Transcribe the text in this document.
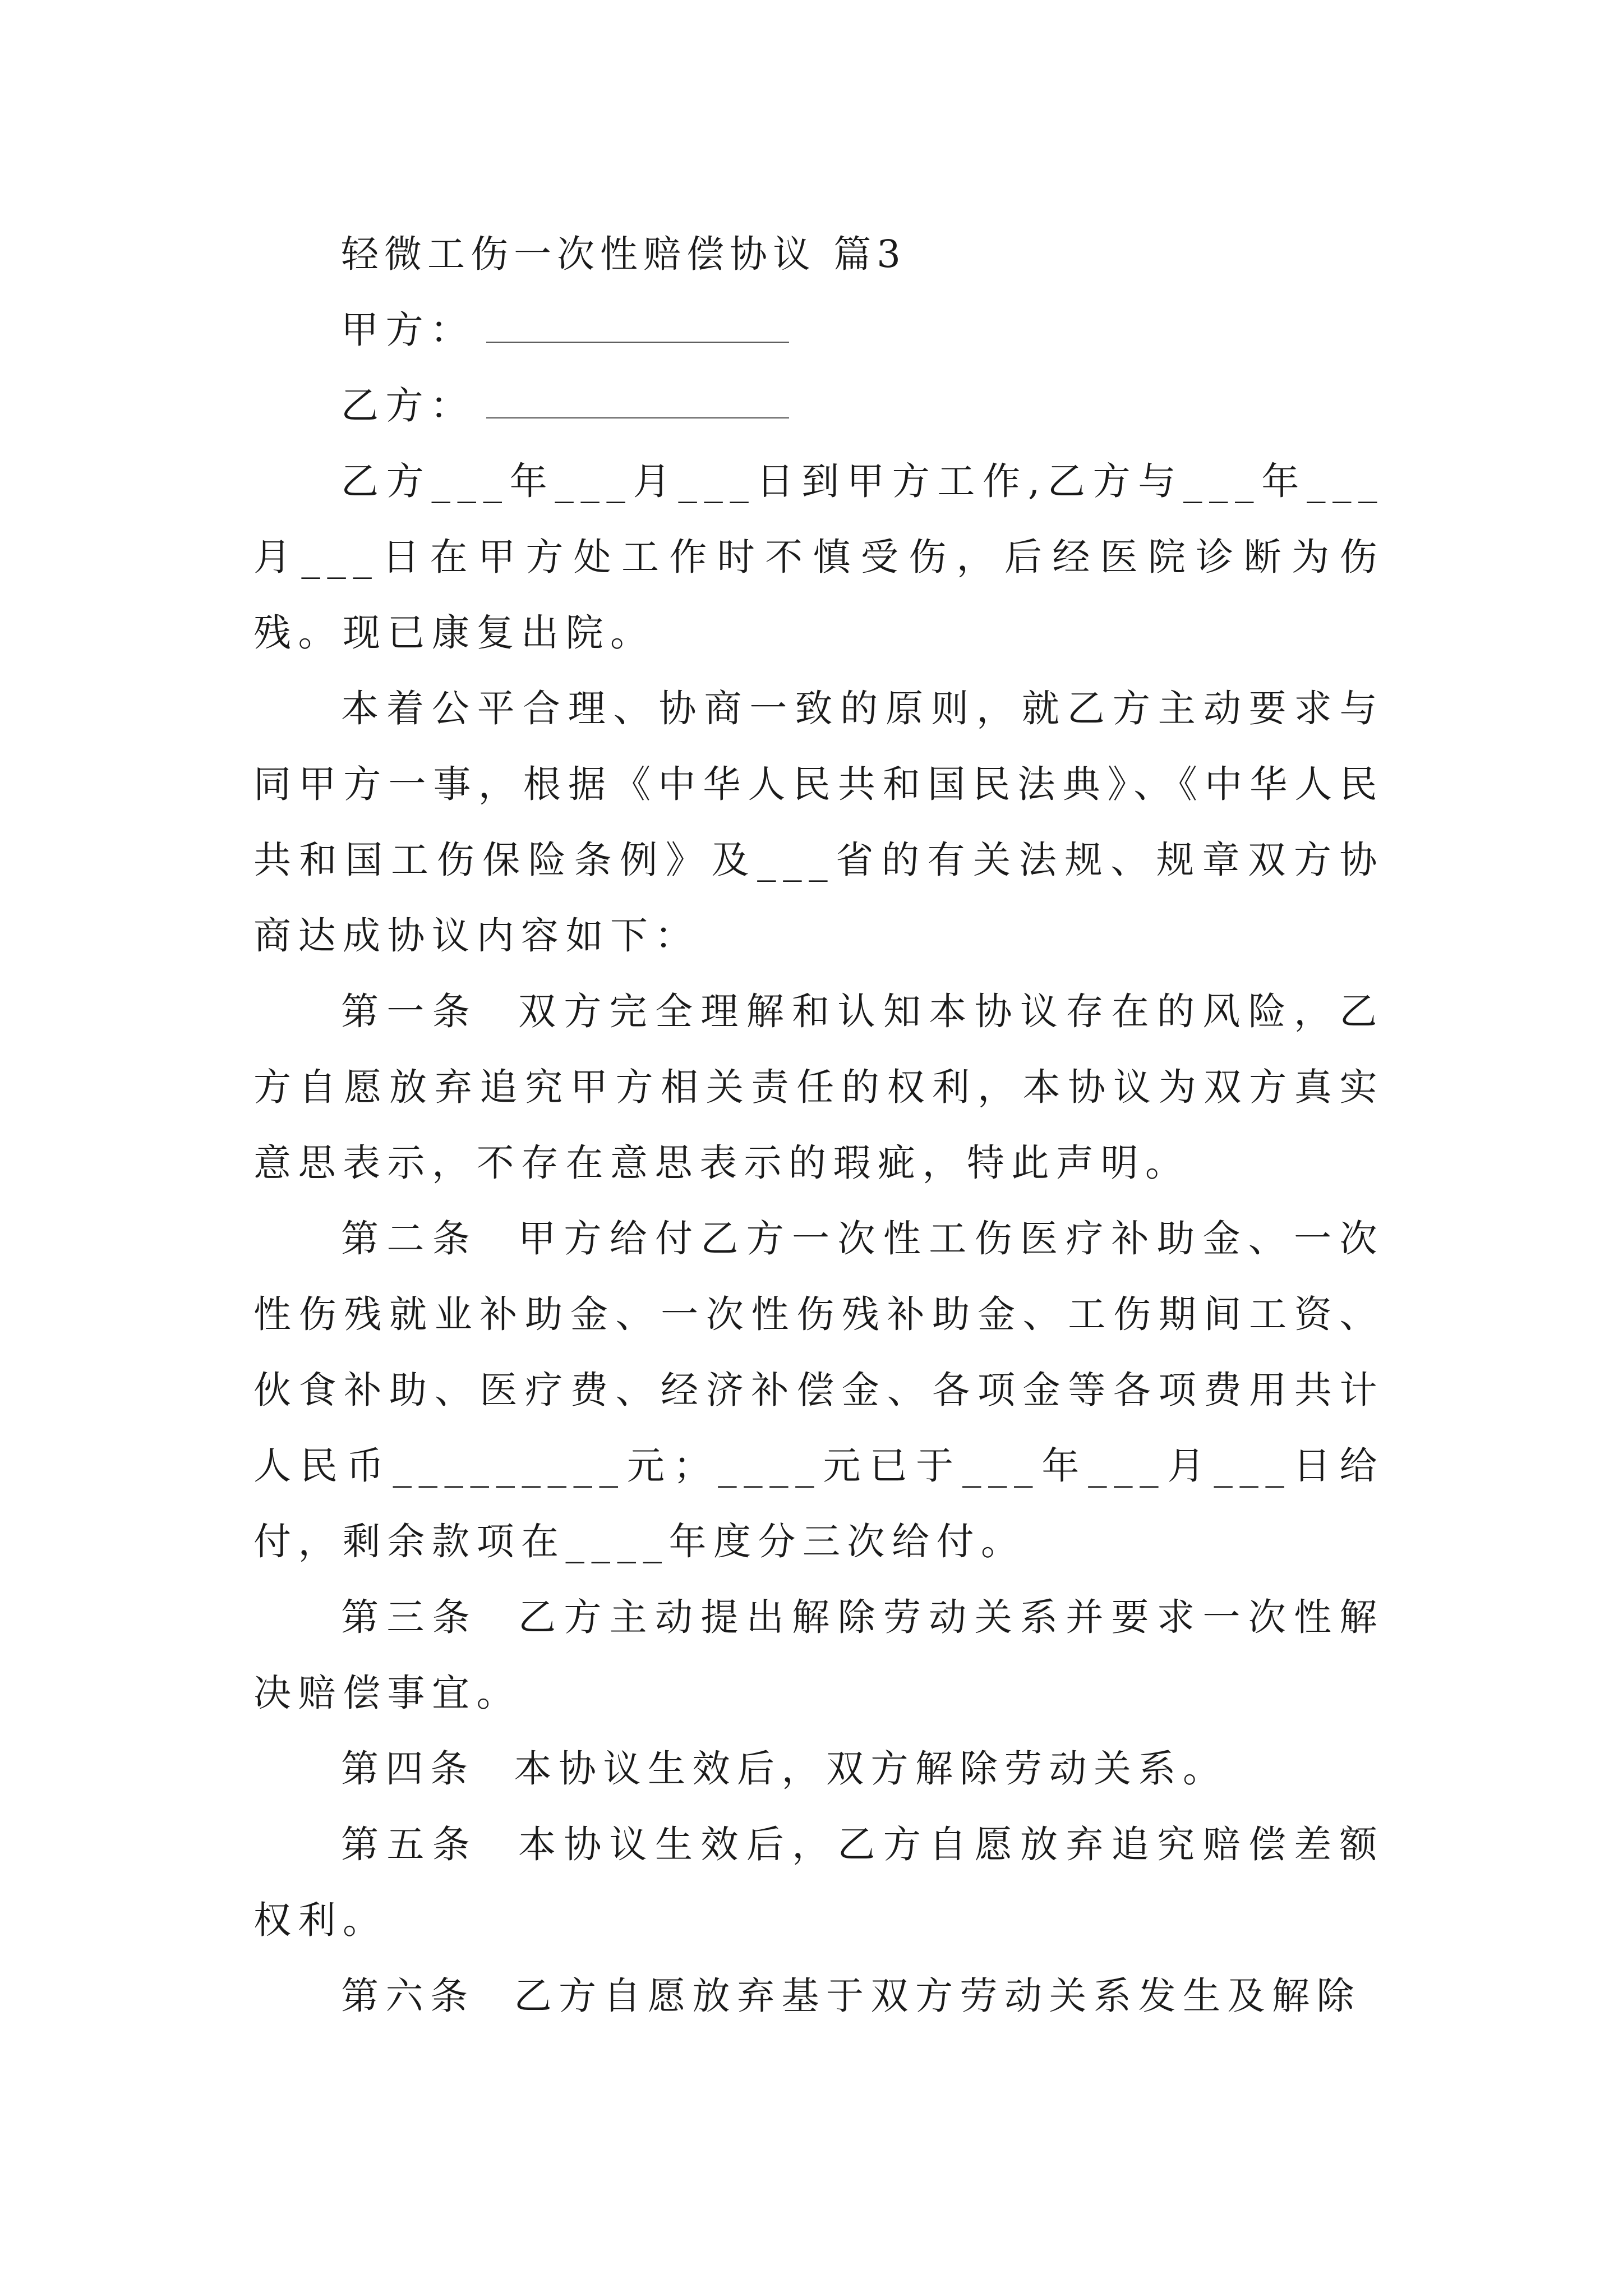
轻微工伤一次性赔偿协议 篇3

甲方：

乙方：

乙方___年___月___日到甲方工作,乙方与___年___月___日在甲方处工作时不慎受伤，后经医院诊断为伤残。现已康复出院。

本着公平合理、协商一致的原则，就乙方主动要求与同甲方一事，根据《中华人民共和国民法典》、《中华人民共和国工伤保险条例》及___省的有关法规、规章双方协商达成协议内容如下：

第一条 双方完全理解和认知本协议存在的风险，乙方自愿放弃追究甲方相关责任的权利，本协议为双方真实意思表示，不存在意思表示的瑕疵，特此声明。

第二条 甲方给付乙方一次性工伤医疗补助金、一次性伤残就业补助金、一次性伤残补助金、工伤期间工资、伙食补助、医疗费、经济补偿金、各项金等各项费用共计人民币_________元；____元已于___年___月___日给付，剩余款项在____年度分三次给付。

第三条 乙方主动提出解除劳动关系并要求一次性解决赔偿事宜。

第四条 本协议生效后，双方解除劳动关系。

第五条 本协议生效后，乙方自愿放弃追究赔偿差额权利。

第六条 乙方自愿放弃基于双方劳动关系发生及解除
